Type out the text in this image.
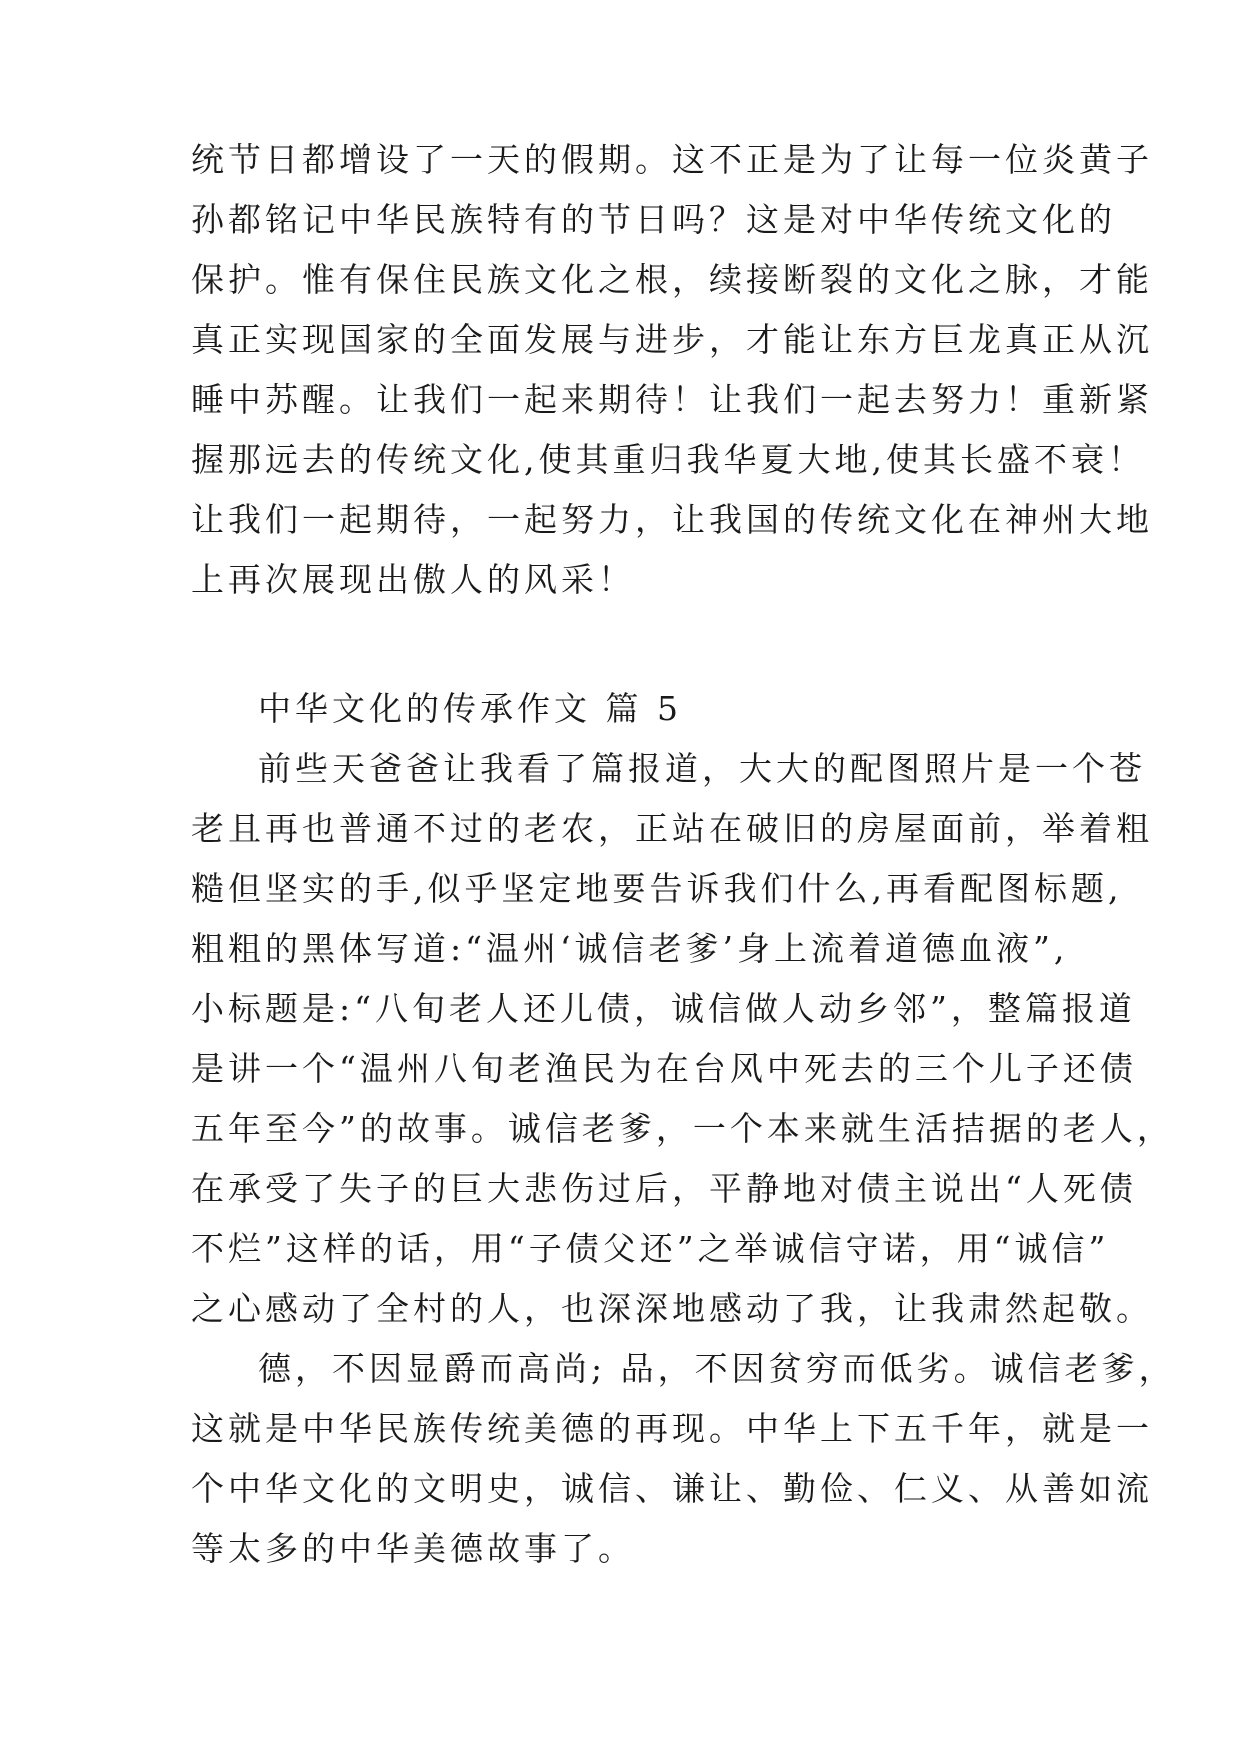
统节日都增设了一天的假期。这不正是为了让每一位炎黄子
孙都铭记中华民族特有的节日吗？这是对中华传统文化的
保护。惟有保住民族文化之根，续接断裂的文化之脉，才能
真正实现国家的全面发展与进步，才能让东方巨龙真正从沉
睡中苏醒。让我们一起来期待！让我们一起去努力！重新紧
握那远去的传统文化,使其重归我华夏大地,使其长盛不衰！
让我们一起期待，一起努力，让我国的传统文化在神州大地
上再次展现出傲人的风采！
中华文化的传承作文 篇 5
前些天爸爸让我看了篇报道，大大的配图照片是一个苍
老且再也普通不过的老农，正站在破旧的房屋面前，举着粗
糙但坚实的手,似乎坚定地要告诉我们什么,再看配图标题,
粗粗的黑体写道:“温州‘诚信老爹’身上流着道德血液”,
小标题是:“八旬老人还儿债，诚信做人动乡邻”，整篇报道
是讲一个“温州八旬老渔民为在台风中死去的三个儿子还债
五年至今”的故事。诚信老爹，一个本来就生活拮据的老人，
在承受了失子的巨大悲伤过后，平静地对债主说出“人死债
不烂”这样的话，用“子债父还”之举诚信守诺，用“诚信”
之心感动了全村的人，也深深地感动了我，让我肃然起敬。
德，不因显爵而高尚; 品，不因贫穷而低劣。诚信老爹，
这就是中华民族传统美德的再现。中华上下五千年，就是一
个中华文化的文明史，诚信、谦让、勤俭、仁义、从善如流
等太多的中华美德故事了。
